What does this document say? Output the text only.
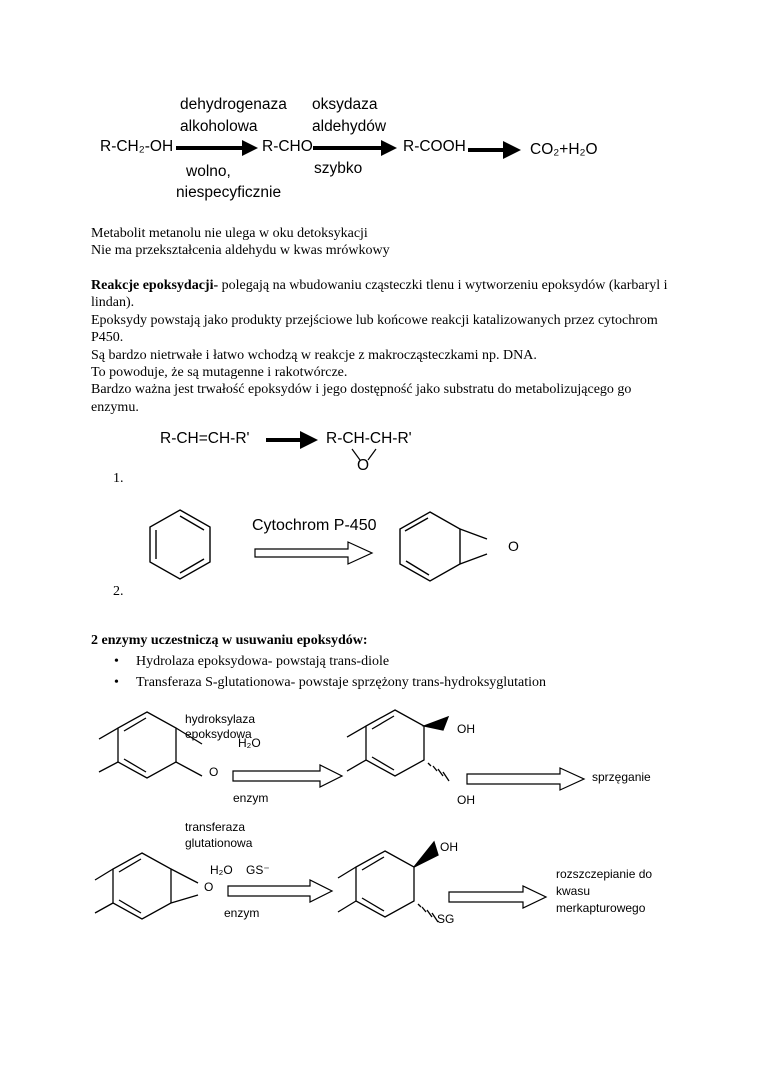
R-CH₂-OH
dehydrogenaza
alkoholowa
wolno,
niespecyficznie
R-CHO
oksydaza
aldehydów
szybko
R-COOH	CO₂+H₂O

Metabolit metanolu nie ulega w oku detoksykacji

Nie ma przekształcenia aldehydu w kwas mrówkowy

Reakcje epoksydacji- polegają na wbudowaniu cząsteczki tlenu i wytworzeniu epoksydów (karbaryl i lindan).

Epoksydy powstają jako produkty przejściowe lub końcowe reakcji katalizowanych przez cytochrom P450.

Są bardzo nietrwałe i łatwo wchodzą w reakcje z makrocząsteczkami np. DNA.

To powoduje, że są mutagenne i rakotwórcze.

Bardzo ważna jest trwałość epoksydów i jego dostępność jako substratu do metabolizującego go enzymu.

R-CH=CH-R'	R-CH-CH-R'
O
1.
Cytochrom P-450
O
2.

2 enzymy uczestniczą w usuwaniu epoksydów:

• Hydrolaza epoksydowa- powstają trans-diole
• Transferaza S-glutationowa- powstaje sprzężony trans-hydroksyglutation
hydroksylaza
epoksydowa
H₂O
O
enzym
OH
OH
sprzęganie
transferaza
glutationowa
H₂O GS⁻
O
enzym
OH
SG
rozszczepianie do
kwasu
merkapturowego
